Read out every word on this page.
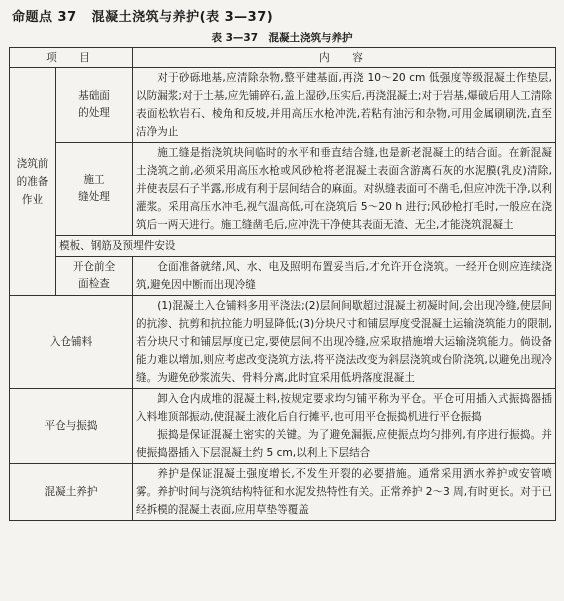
命题点 37 混凝土浇筑与养护(表 3—37)
表 3—37　混凝土浇筑与养护
项　目		内　容

浇筑前
的准备
作业	基础面
的处理	对于砂砾地基,应清除杂物,整平建基面,再浇 10～20 cm 低强度等级混凝土作垫层,以防漏浆;对于土基,应先铺碎石,盖上湿砂,压实后,再浇混凝土;对于岩基,爆破后用人工清除表面松软岩石、棱角和反坡,并用高压水枪冲洗,若粘有油污和杂物,可用金属刷刷洗,直至洁净为止

	施工
缝处理	施工缝是指浇筑块间临时的水平和垂直结合缝,也是新老混凝土的结合面。在新混凝土浇筑之前,必须采用高压水枪或风砂枪将老混凝土表面含游离石灰的水泥膜(乳皮)清除,并使表层石子半露,形成有利于层间结合的麻面。对纵缝表面可不凿毛,但应冲洗干净,以利灌浆。采用高压水冲毛,视气温高低,可在浇筑后 5～20 h 进行;风砂枪打毛时,一般应在浇筑后一两天进行。施工缝凿毛后,应冲洗干净使其表面无渣、无尘,才能浇筑混凝土

	模板、钢筋及预埋件安设	

	开仓前全
面检查	仓面准备就绪,风、水、电及照明布置妥当后,才允许开仓浇筑。一经开仓则应连续浇筑,避免因中断而出现冷缝

入仓铺料		(1)混凝土入仓铺料多用平浇法;(2)层间间歇超过混凝土初凝时间,会出现冷缝,使层间的抗渗、抗剪和抗拉能力明显降低;(3)分块尺寸和铺层厚度受混凝土运输浇筑能力的限制,若分块尺寸和铺层厚度已定,要使层间不出现冷缝,应采取措施增大运输浇筑能力。倘设备能力难以增加,则应考虑改变浇筑方法,将平浇法改变为斜层浇筑或台阶浇筑,以避免出现冷缝。为避免砂浆流失、骨料分离,此时宜采用低坍落度混凝土

平仓与振捣		卸入仓内成堆的混凝土料,按规定要求均匀铺平称为平仓。平仓可用插入式振捣器插入料堆顶部振动,使混凝土液化后自行摊平,也可用平仓振捣机进行平仓振捣

振捣是保证混凝土密实的关键。为了避免漏振,应使振点均匀排列,有序进行振捣。并使振捣器插入下层混凝土约 5 cm,以利上下层结合

混凝土养护		养护是保证混凝土强度增长,不发生开裂的必要措施。通常采用洒水养护或安管喷雾。养护时间与浇筑结构特征和水泥发热特性有关。正常养护 2～3 周,有时更长。对于已经拆模的混凝土表面,应用草垫等覆盖
